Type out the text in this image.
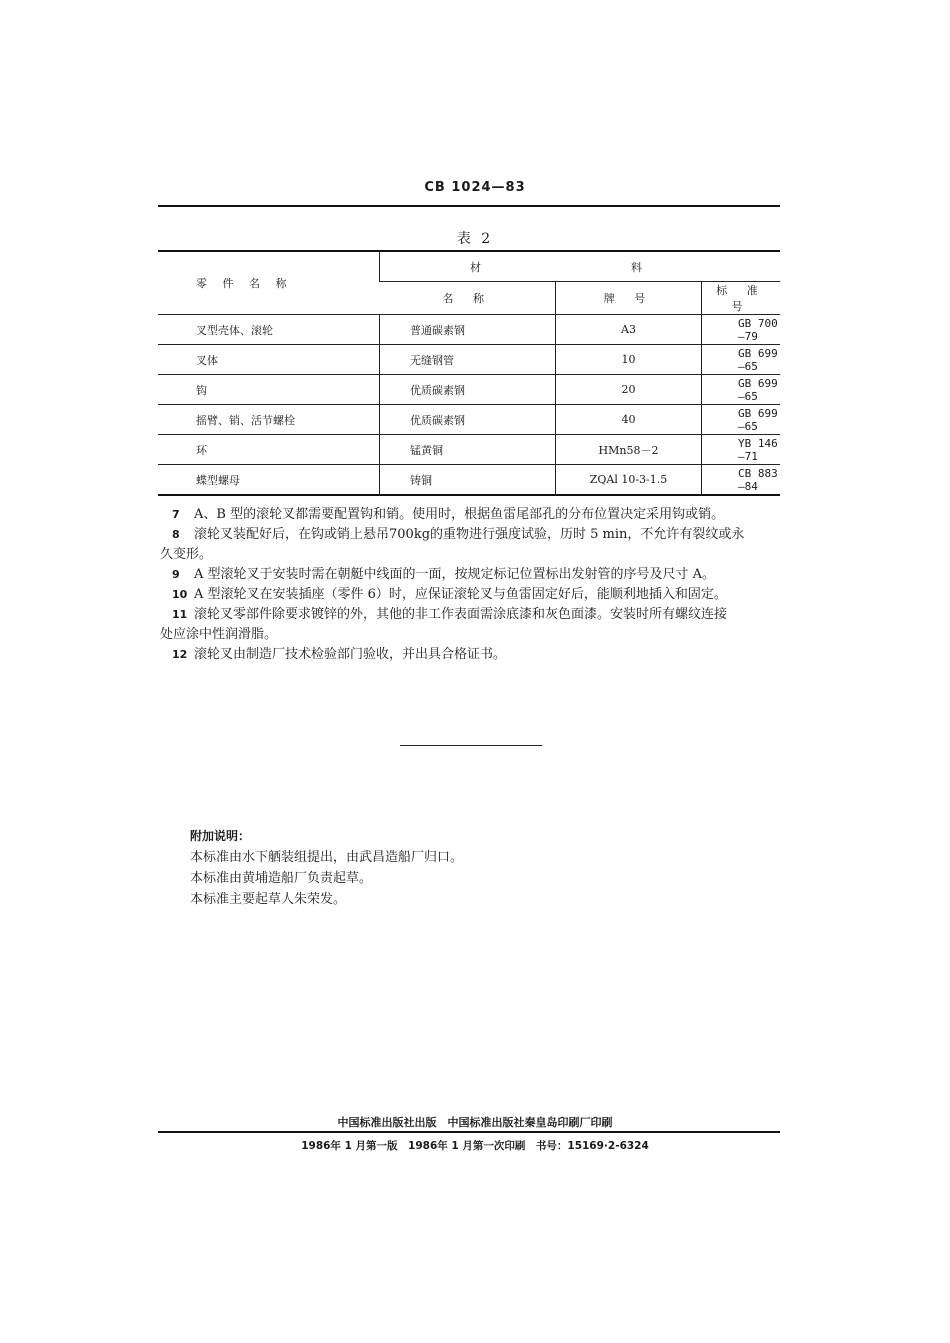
CB 1024—83
表 2
零 件 名 称	材 料		
	名 称	牌 号	标 准 号
叉型壳体、滚轮	普通碳素钢	A3	GB 700—79
叉体	无缝钢管	10	GB 699—65
钩	优质碳素钢	20	GB 699—65
摇臂、销、活节螺栓	优质碳素钢	40	GB 699—65
环	锰黄铜	HMn58－2	YB 146—71
蝶型螺母	铸铜	ZQAl 10-3-1.5	CB 883—84

7 A、B 型的滚轮叉都需要配置钩和销。使用时，根据鱼雷尾部孔的分布位置决定采用钩或销。

8 滚轮叉装配好后，在钩或销上悬吊700kg的重物进行强度试验，历时 5 min，不允许有裂纹或永
久变形。

9 A 型滚轮叉于安装时需在朝艇中线面的一面，按规定标记位置标出发射管的序号及尺寸 A。

10 A 型滚轮叉在安装插座（零件 6）时，应保证滚轮叉与鱼雷固定好后，能顺利地插入和固定。

11 滚轮叉零部件除要求镀锌的外，其他的非工作表面需涂底漆和灰色面漆。安装时所有螺纹连接
处应涂中性润滑脂。

12 滚轮叉由制造厂技术检验部门验收，并出具合格证书。

附加说明：
本标准由水下舾装组提出，由武昌造船厂归口。
本标准由黄埔造船厂负责起草。
本标准主要起草人朱荣发。
中国标准出版社出版　中国标准出版社秦皇岛印刷厂印刷
1986年 1 月第一版　1986年 1 月第一次印刷　书号：15169·2-6324
